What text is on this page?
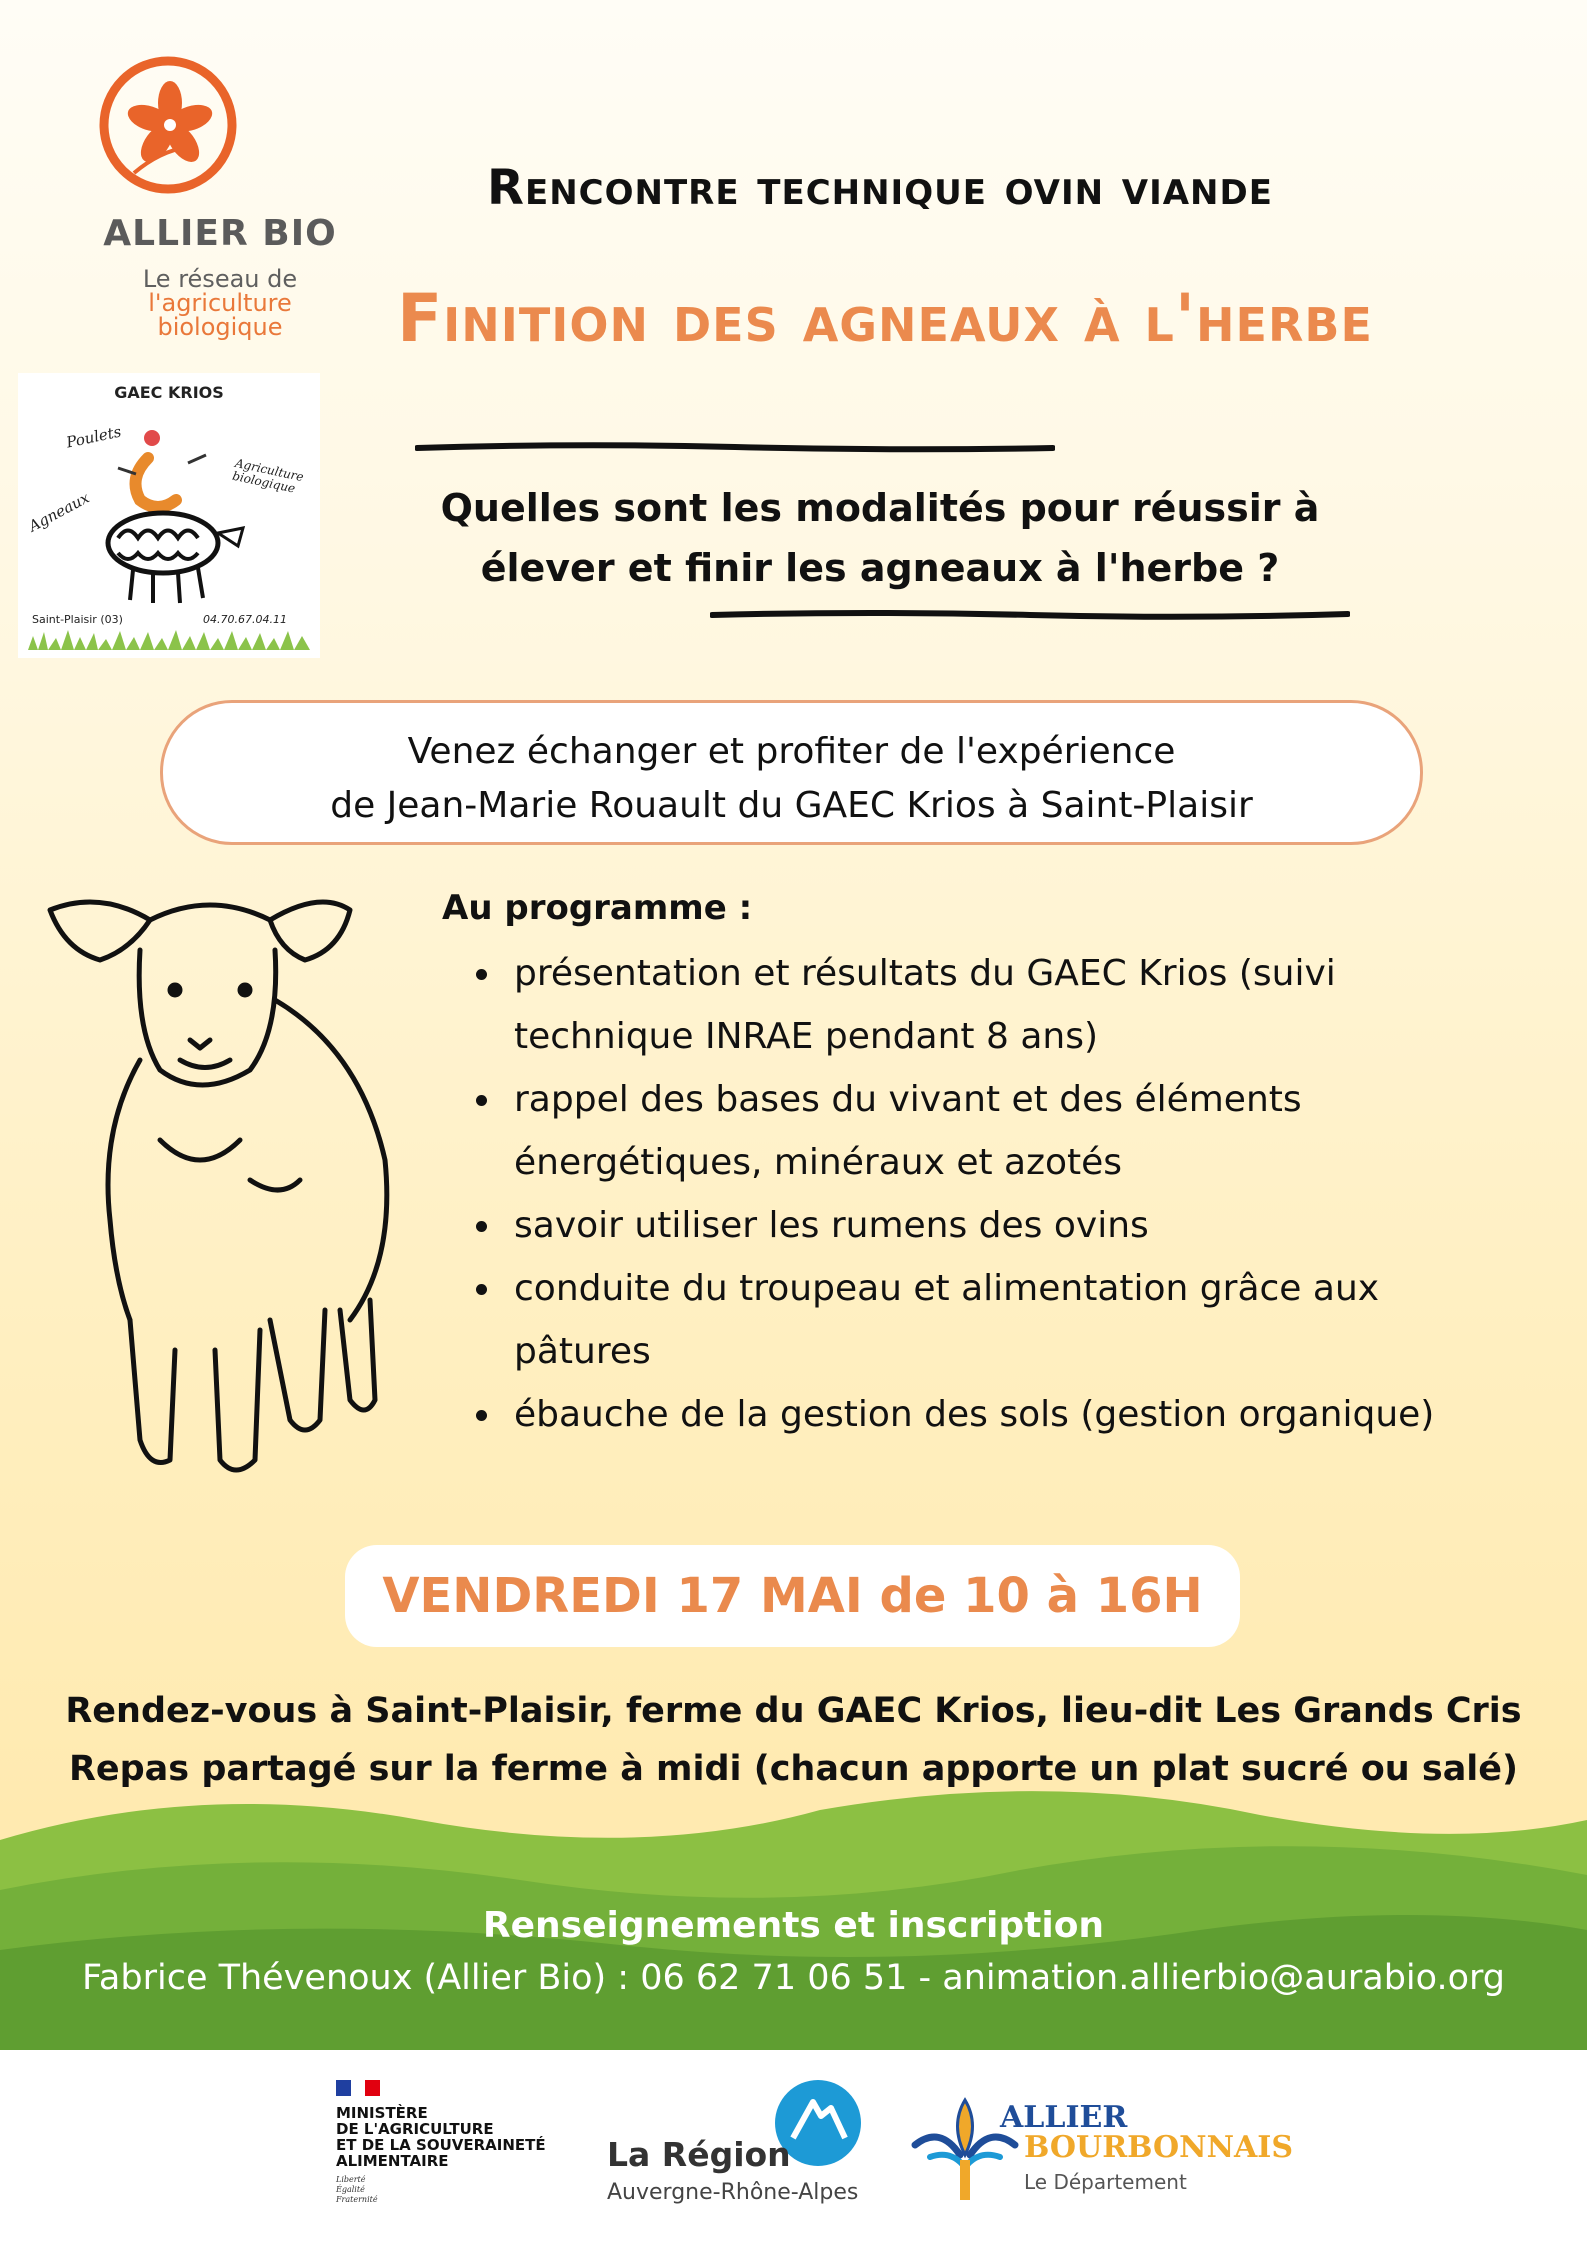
ALLIER BIO
Le réseau de
l'agriculture
biologique
GAEC KRIOS
Poulets
Agriculture biologique
Agneaux
Saint-Plaisir (03)	04.70.67.04.11
Rencontre technique ovin viande
Finition des agneaux à l'herbe
Quelles sont les modalités pour réussir à
élever et finir les agneaux à l'herbe ?
Venez échanger et profiter de l'expérience
de Jean-Marie Rouault du GAEC Krios à Saint-Plaisir
Au programme :
• présentation et résultats du GAEC Krios (suivi technique INRAE pendant 8 ans)
• rappel des bases du vivant et des éléments énergétiques, minéraux et azotés
• savoir utiliser les rumens des ovins
• conduite du troupeau et alimentation grâce aux pâtures
• ébauche de la gestion des sols (gestion organique)
VENDREDI 17 MAI de 10 à 16H
Rendez-vous à Saint-Plaisir, ferme du GAEC Krios, lieu-dit Les Grands Cris
Repas partagé sur la ferme à midi (chacun apporte un plat sucré ou salé)
Renseignements et inscription
Fabrice Thévenoux (Allier Bio) : 06 62 71 06 51 - animation.allierbio@aurabio.org
MINISTÈRE
DE L'AGRICULTURE
ET DE LA SOUVERAINETÉ
ALIMENTAIRE
Liberté
Égalité
Fraternité
La Région
Auvergne-Rhône-Alpes
ALLIER
BOURBONNAIS
Le Département
